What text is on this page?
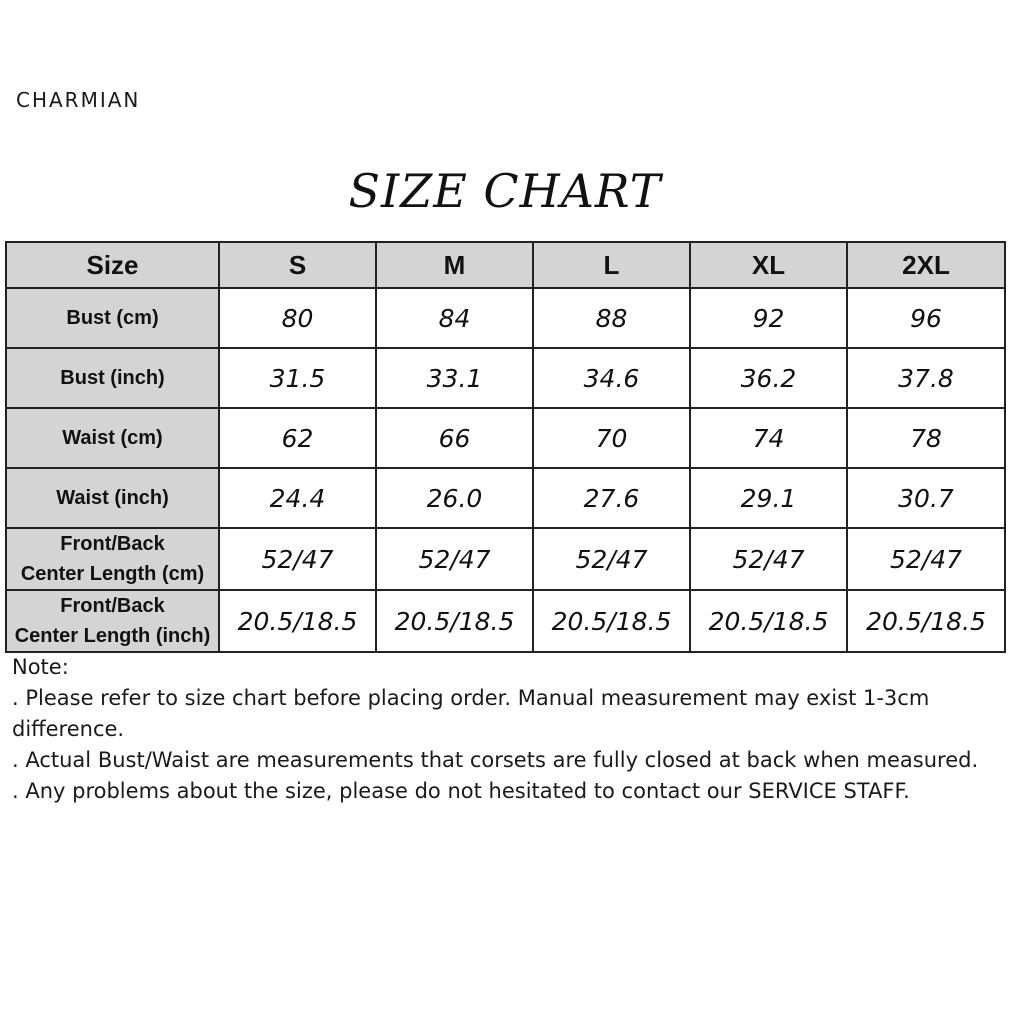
CHARMIAN
SIZE CHART
Size	S	M	L	XL	2XL
Bust (cm)	80	84	88	92	96
Bust (inch)	31.5	33.1	34.6	36.2	37.8
Waist (cm)	62	66	70	74	78
Waist (inch)	24.4	26.0	27.6	29.1	30.7
Front/Back
Center Length (cm)	52/47	52/47	52/47	52/47	52/47
Front/Back
Center Length (inch)	20.5/18.5	20.5/18.5	20.5/18.5	20.5/18.5	20.5/18.5

Note:

. Please refer to size chart before placing order. Manual measurement may exist 1-3cm difference.

. Actual Bust/Waist are measurements that corsets are fully closed at back when measured.

. Any problems about the size, please do not hesitated to contact our SERVICE STAFF.
